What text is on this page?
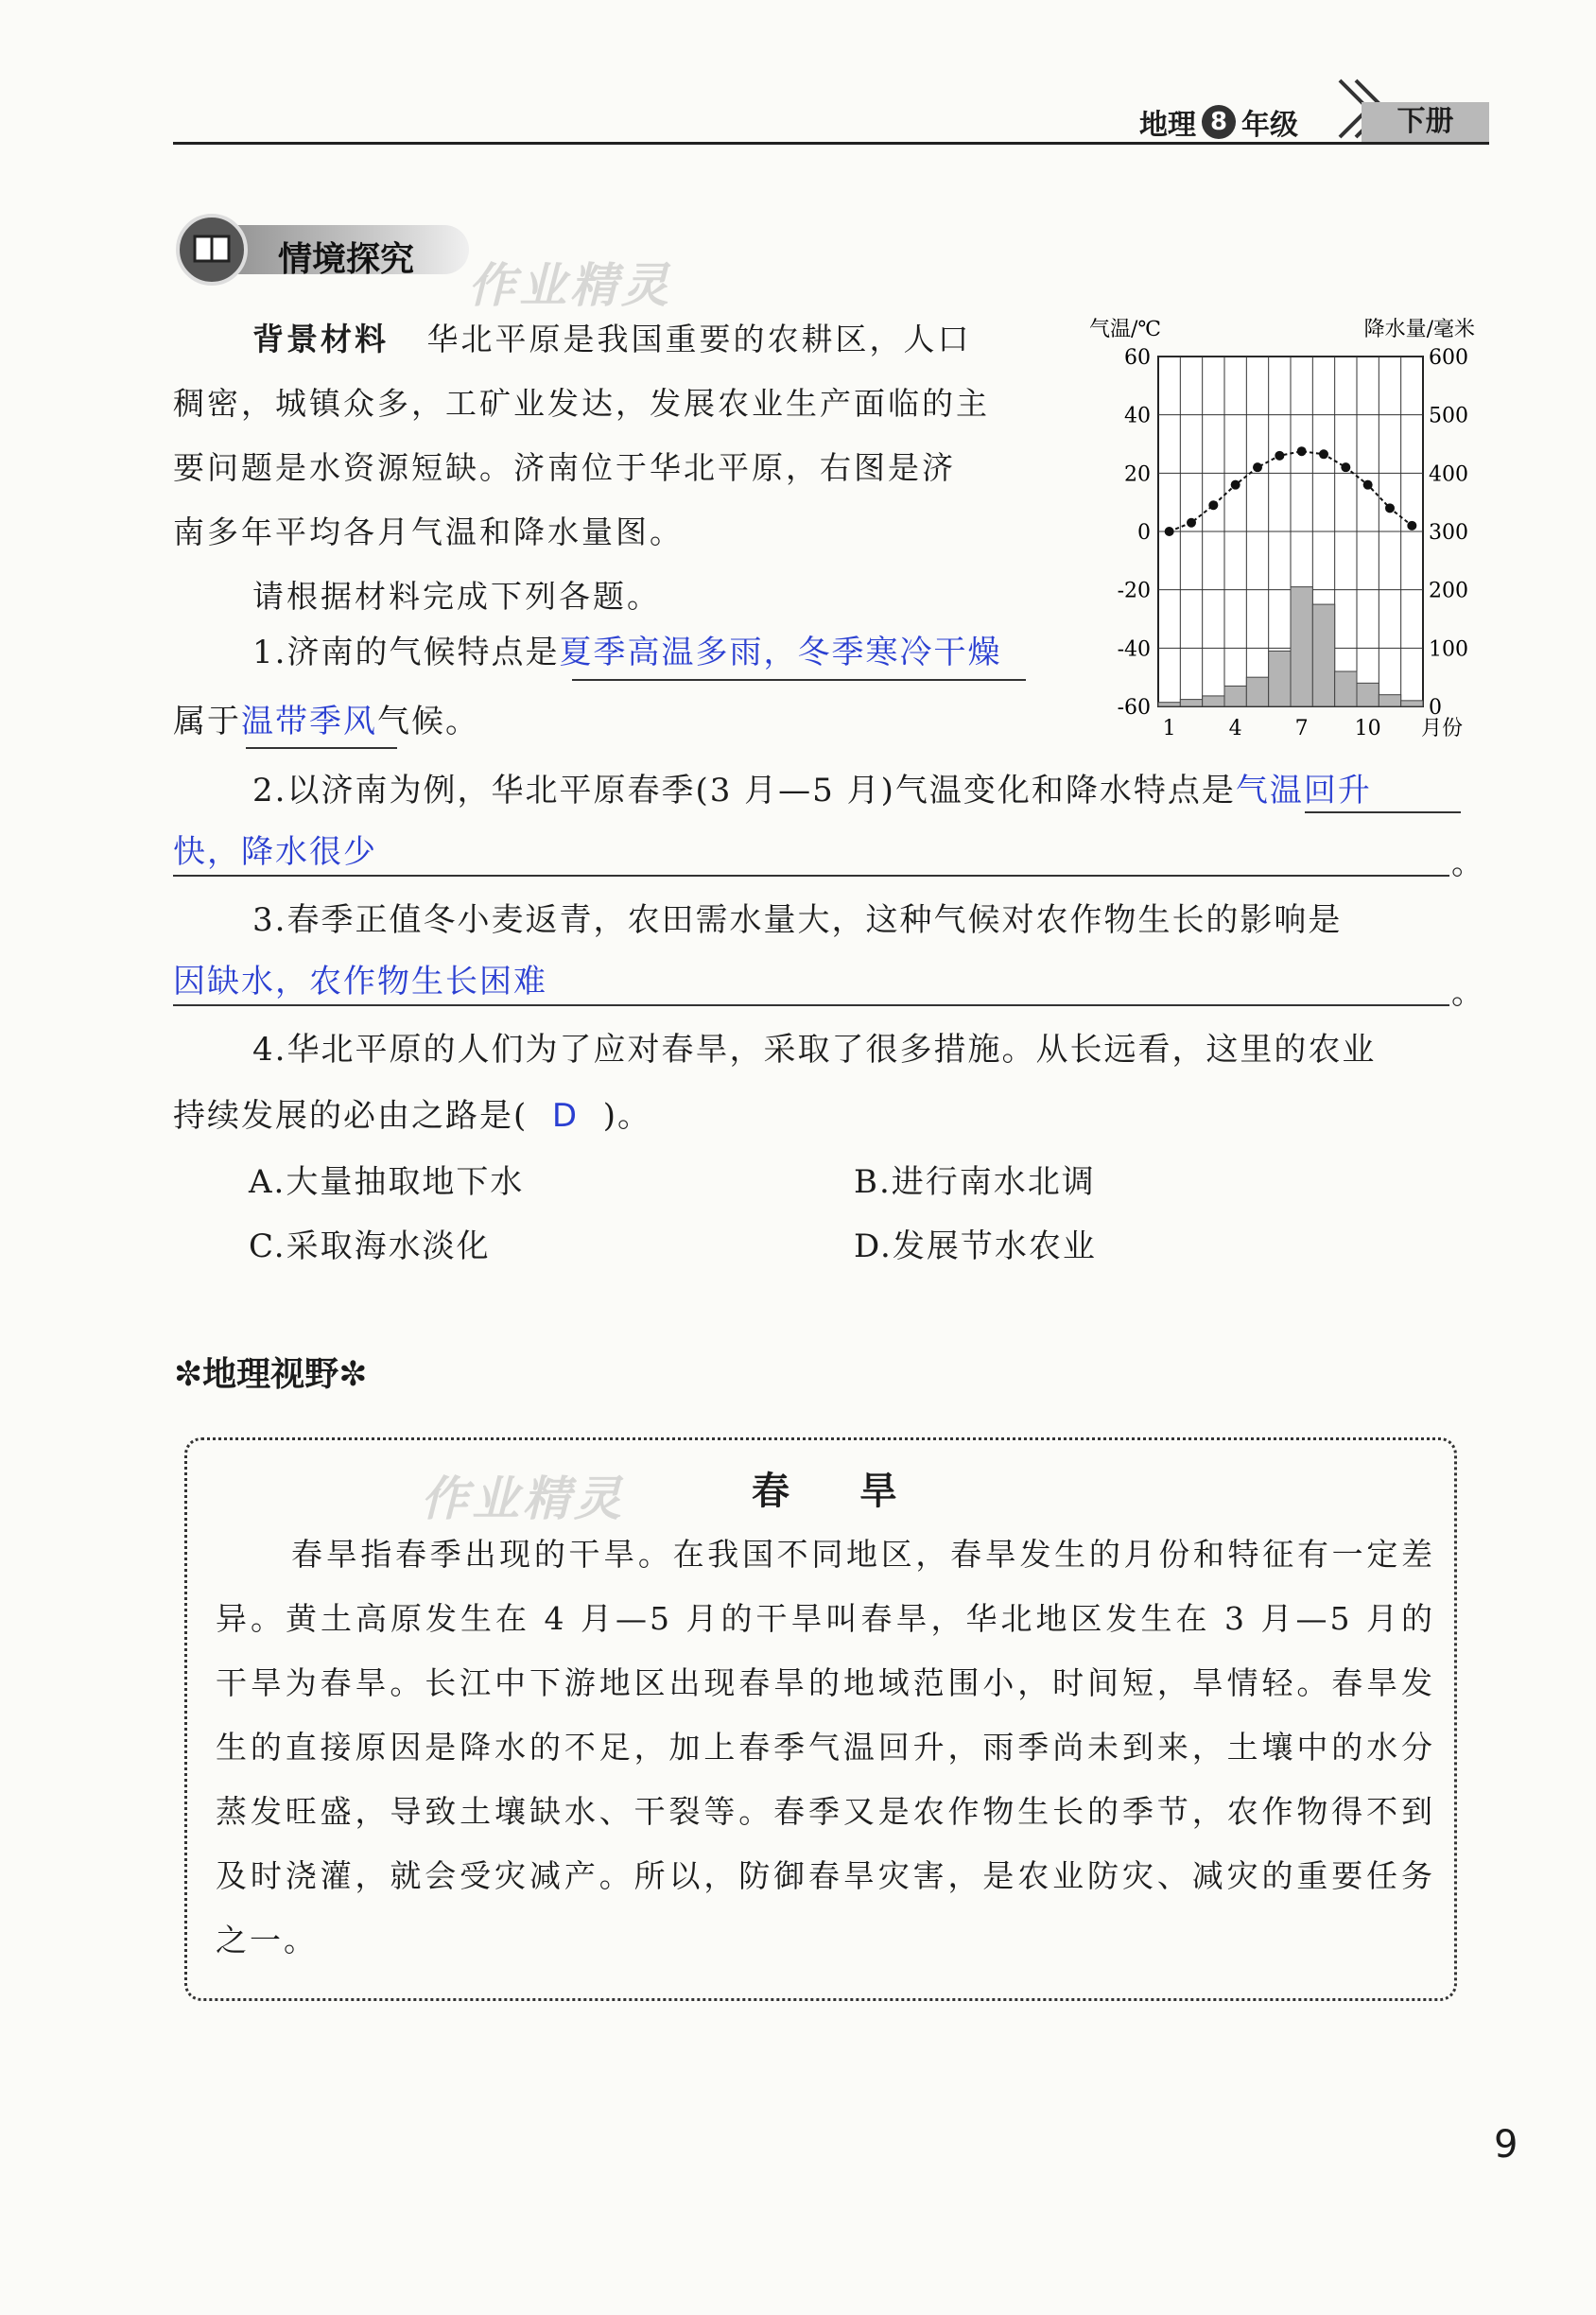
地理 8 年级	下册
情境探究 作业精灵
背景材料 华北平原是我国重要的农耕区，人口
稠密，城镇众多，工矿业发达，发展农业生产面临的主
要问题是水资源短缺。济南位于华北平原，右图是济
南多年平均各月气温和降水量图。
请根据材料完成下列各题。
气温/℃	降水量/毫米
60
40
20
0
-20
-40
-60
600
500
400
300
200
100
0
1	4	7 10 月份
1.济南的气候特点是夏季高温多雨，冬季寒冷干燥
属于温带季风气候。
2.以济南为例，华北平原春季(3 月—5 月)气温变化和降水特点是气温回升
快，降水很少	。
3.春季正值冬小麦返青，农田需水量大，这种气候对农作物生长的影响是
因缺水，农作物生长困难	。
4.华北平原的人们为了应对春旱，采取了很多措施。从长远看，这里的农业
持续发展的必由之路是( D )。
A.大量抽取地下水	B.进行南水北调
C.采取海水淡化	D.发展节水农业
✼地理视野✼
作业精灵	春 旱
春旱指春季出现的干旱。在我国不同地区，春旱发生的月份和特征有一定差异。黄土高原发生在 4 月—5 月的干旱叫春旱，华北地区发生在 3 月—5 月的干旱为春旱。长江中下游地区出现春旱的地域范围小，时间短，旱情轻。春旱发生的直接原因是降水的不足，加上春季气温回升，雨季尚未到来，土壤中的水分蒸发旺盛，导致土壤缺水、干裂等。春季又是农作物生长的季节，农作物得不到及时浇灌，就会受灾减产。所以，防御春旱灾害，是农业防灾、减灾的重要任务之一。
9
